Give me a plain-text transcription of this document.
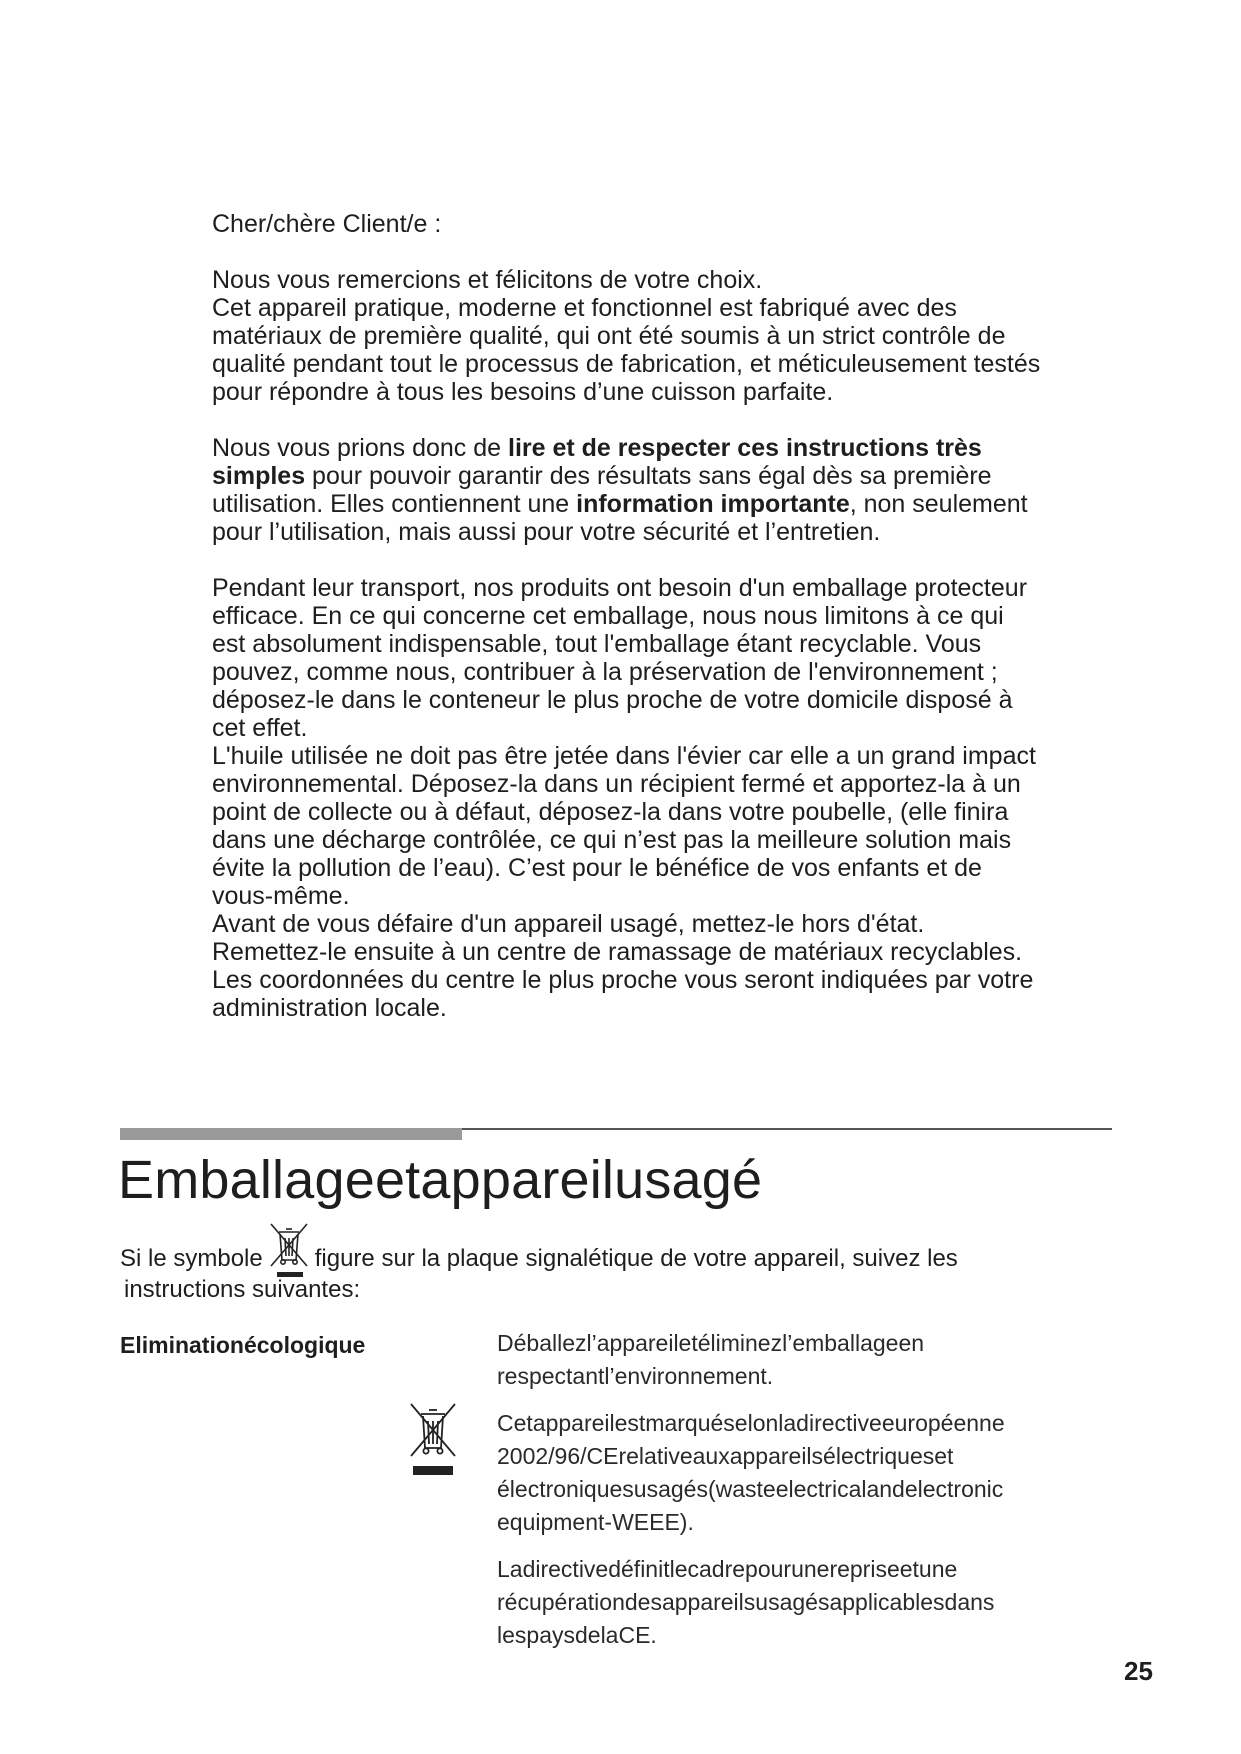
Cher/chère Client/e :

Nous vous remercions et félicitons de votre choix.

Cet appareil pratique, moderne et fonctionnel est fabriqué avec des matériaux de première qualité, qui ont été soumis à un strict contrôle de qualité pendant tout le processus de fabrication, et méticuleusement testés pour répondre à tous les besoins d’une cuisson parfaite.

Nous vous prions donc de lire et de respecter ces instructions très simples pour pouvoir garantir des résultats sans égal dès sa première utilisation. Elles contiennent une information importante, non seulement pour l’utilisation, mais aussi pour votre sécurité et l’entretien.

Pendant leur transport, nos produits ont besoin d'un emballage protecteur efficace. En ce qui concerne cet emballage, nous nous limitons à ce qui est absolument indispensable, tout l'emballage étant recyclable. Vous pouvez, comme nous, contribuer à la préservation de l'environnement ; déposez-le dans le conteneur le plus proche de votre domicile disposé à cet effet.

L'huile utilisée ne doit pas être jetée dans l'évier car elle a un grand impact environnemental. Déposez-la dans un récipient fermé et apportez-la à un point de collecte ou à défaut, déposez-la dans votre poubelle, (elle finira dans une décharge contrôlée, ce qui n’est pas la meilleure solution mais évite la pollution de l’eau). C’est pour le bénéfice de vos enfants et de vous-même.

Avant de vous défaire d'un appareil usagé, mettez-le hors d'état. Remettez-le ensuite à un centre de ramassage de matériaux recyclables.

Les coordonnées du centre le plus proche vous seront indiquées par votre administration locale.

Emballageetappareilusagé
Si le symbole figure sur la plaque signalétique de votre appareil, suivez les
instructions suivantes:
Eliminationécologique	Déballezl’appareiletéliminezl’emballageen respectantl’environnement.

Cetappareilestmarquéselonladirectiveeuropéenne 2002/96/CErelativeauxappareilsélectriqueset électroniquesusagés(wasteelectricalandelectronic equipment-WEEE).

Ladirectivedéfinitlecadrepourunerepriseetune récupérationdesappareilsusagésapplicablesdans lespaysdelaCE.

25
